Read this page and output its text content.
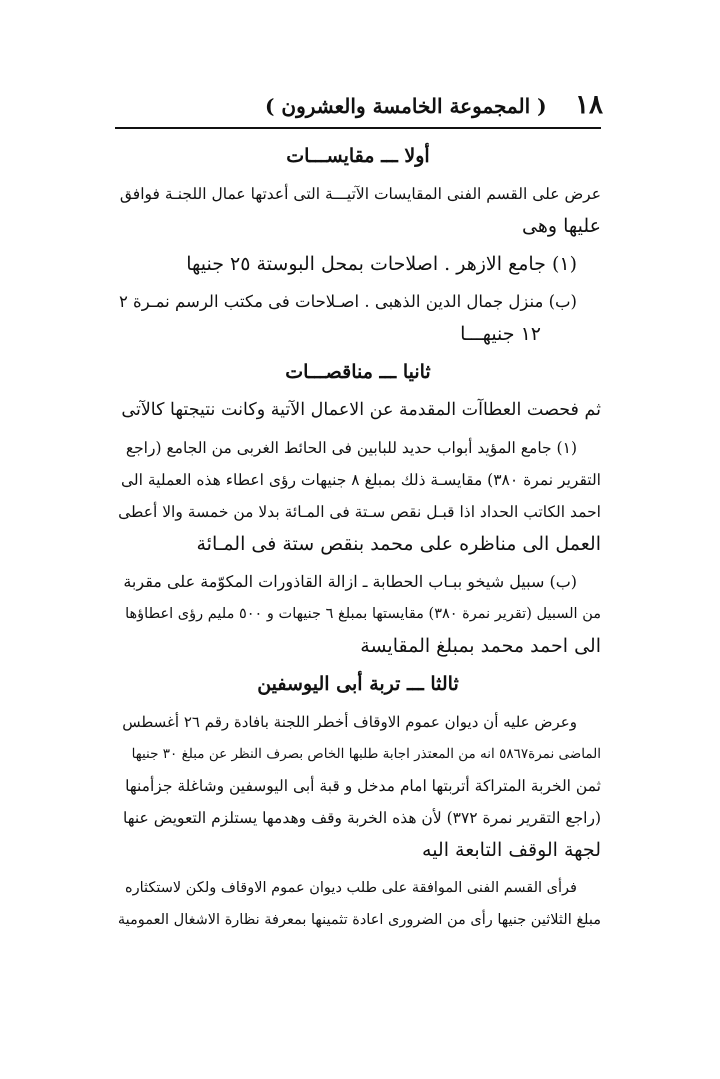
١٨
( المجموعة الخامسة والعشرون )
أولا ـــ مقايســـات
عرض على القسم الفنى المقايسات الآتيـــة التى أعدتها عمال اللجنـة فوافق
عليها وهى
(١) جامع الازهر . اصلاحات بمحل البوستة ٢٥ جنيها
(ب) منزل جمال الدين الذهبى . اصـلاحات فى مكتب الرسم نمـرة ٢
١٢ جنيهـــا
ثانيا ـــ مناقصـــات
ثم فحصت العطاآت المقدمة عن الاعمال الآتية وكانت نتيجتها كالآتى
(١) جامع المؤيد أبواب حديد للبابين فى الحائط الغربى من الجامع (راجع
التقرير نمرة ٣٨٠) مقايسـة ذلك بمبلغ ٨ جنيهات رؤى اعطاء هذه العملية الى
احمد الكاتب الحداد اذا قبـل نقص سـتة فى المـائة بدلا من خمسة والا أعطى
العمل الى مناظره على محمد بنقص ستة فى المـائة
(ب) سبيل شيخو ببـاب الحطابة ـ ازالة القاذورات المكوّمة على مقربة
من السبيل (تقرير نمرة ٣٨٠) مقايستها بمبلغ ٦ جنيهات و ٥٠٠ مليم رؤى اعطاؤها
الى احمد محمد بمبلغ المقايسة
ثالثا ـــ تربة أبى اليوسفين
وعرض عليه أن ديوان عموم الاوقاف أخطر اللجنة بافادة رقم ٢٦ أغسطس
الماضى نمرة٥٨٦٧ انه من المعتذر اجابة طلبها الخاص بصرف النظر عن مبلغ ٣٠ جنيها
ثمن الخربة المتراكة أتربتها امام مدخل و قبة أبى اليوسفين وشاغلة جزأمنها
(راجع التقرير نمرة ٣٧٢) لأن هذه الخربة وقف وهدمها يستلزم التعويض عنها
لجهة الوقف التابعة اليه
فرأى القسم الفنى الموافقة على طلب ديوان عموم الاوقاف ولكن لاستكثاره
مبلغ الثلاثين جنيها رأى من الضرورى اعادة تثمينها بمعرفة نظارة الاشغال العمومية
